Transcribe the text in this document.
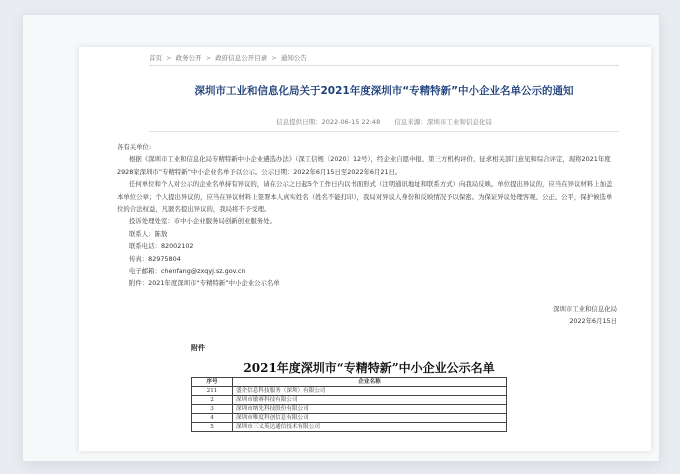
首页 > 政务公开 > 政府信息公开目录 > 通知公告
深圳市工业和信息化局关于2021年度深圳市“专精特新”中小企业名单公示的通知
信息提供日期：2022-06-15 22:48 信息来源：深圳市工业和信息化局

各有关单位:

根据《深圳市工业和信息化局专精特新中小企业遴选办法》（深工信规〔2020〕12号），经企业自愿申报、第三方机构评价、征求相关部门意见和综合评定，现将2021年度2928家深圳市“专精特新”中小企业名单予以公示。公示日期：2022年6月15日至2022年6月21日。

任何单位和个人对公示的企业名单持有异议的，请在公示之日起5个工作日内以书面形式（注明通讯地址和联系方式）向我局反映。单位提出异议的，应当在异议材料上加盖本单位公章；个人提出异议的，应当在异议材料上签署本人真实姓名（姓名不能打印），我局对异议人身份和反映情况予以保密。为保证异议处理客观、公正、公平，保护候选单位的合法权益，凡匿名提出异议的，我局将不予受理。

投诉处理处室：市中小企业服务局创新创业服务处。

联系人：陈敖

联系电话：82002102

传真：82975804

电子邮箱：chenfang@zxqyj.sz.gov.cn

附件：2021年度深圳市“专精特新”中小企业公示名单

深圳市工业和信息化局
2022年6月15日
附件
2021年度深圳市“专精特新”中小企业公示名单
序号	企业名称
211	盛企信息科技服务（深圳）有限公司
2	深圳市敏赛科技有限公司
3	深圳市纳先科技股份有限公司
4	深圳市唯度科创信息有限公司
5	深圳市三义英达通信技术有限公司
